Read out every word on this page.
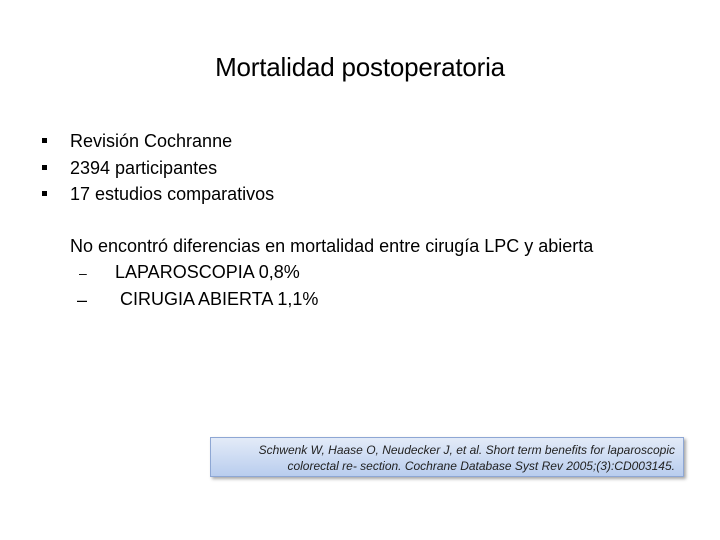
Mortalidad postoperatoria
Revisión Cochranne
2394 participantes
17 estudios comparativos
No encontró diferencias en mortalidad entre cirugía LPC y abierta
– LAPAROSCOPIA 0,8%
– CIRUGIA ABIERTA 1,1%
Schwenk W, Haase O, Neudecker J, et al. Short term benefits for laparoscopic
colorectal re- section. Cochrane Database Syst Rev 2005;(3):CD003145.
